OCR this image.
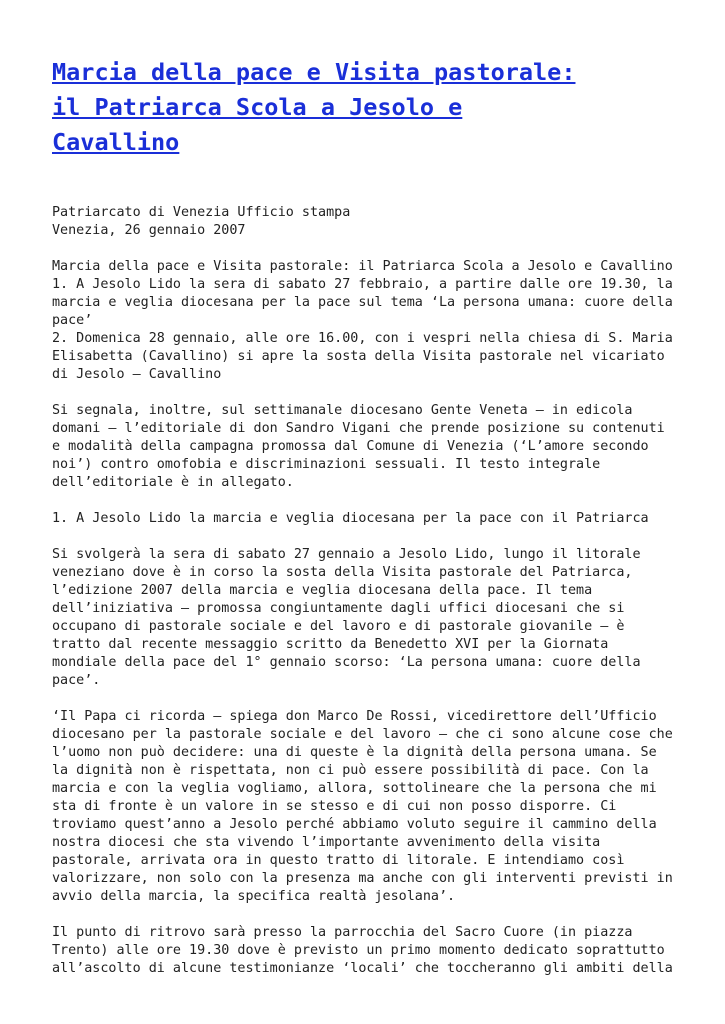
Marcia della pace e Visita pastorale:
il Patriarca Scola a Jesolo e
Cavallino

Patriarcato di Venezia Ufficio stampa
Venezia, 26 gennaio 2007

Marcia della pace e Visita pastorale: il Patriarca Scola a Jesolo e Cavallino
1. A Jesolo Lido la sera di sabato 27 febbraio, a partire dalle ore 19.30, la
marcia e veglia diocesana per la pace sul tema ‘La persona umana: cuore della
pace’
2. Domenica 28 gennaio, alle ore 16.00, con i vespri nella chiesa di S. Maria
Elisabetta (Cavallino) si apre la sosta della Visita pastorale nel vicariato
di Jesolo – Cavallino

Si segnala, inoltre, sul settimanale diocesano Gente Veneta – in edicola
domani – l’editoriale di don Sandro Vigani che prende posizione su contenuti
e modalità della campagna promossa dal Comune di Venezia (‘L’amore secondo
noi’) contro omofobia e discriminazioni sessuali. Il testo integrale
dell’editoriale è in allegato.

1. A Jesolo Lido la marcia e veglia diocesana per la pace con il Patriarca

Si svolgerà la sera di sabato 27 gennaio a Jesolo Lido, lungo il litorale
veneziano dove è in corso la sosta della Visita pastorale del Patriarca,
l’edizione 2007 della marcia e veglia diocesana della pace. Il tema
dell’iniziativa – promossa congiuntamente dagli uffici diocesani che si
occupano di pastorale sociale e del lavoro e di pastorale giovanile – è
tratto dal recente messaggio scritto da Benedetto XVI per la Giornata
mondiale della pace del 1° gennaio scorso: ‘La persona umana: cuore della
pace’.

‘Il Papa ci ricorda – spiega don Marco De Rossi, vicedirettore dell’Ufficio
diocesano per la pastorale sociale e del lavoro – che ci sono alcune cose che
l’uomo non può decidere: una di queste è la dignità della persona umana. Se
la dignità non è rispettata, non ci può essere possibilità di pace. Con la
marcia e con la veglia vogliamo, allora, sottolineare che la persona che mi
sta di fronte è un valore in se stesso e di cui non posso disporre. Ci
troviamo quest’anno a Jesolo perché abbiamo voluto seguire il cammino della
nostra diocesi che sta vivendo l’importante avvenimento della visita
pastorale, arrivata ora in questo tratto di litorale. E intendiamo così
valorizzare, non solo con la presenza ma anche con gli interventi previsti in
avvio della marcia, la specifica realtà jesolana’.

Il punto di ritrovo sarà presso la parrocchia del Sacro Cuore (in piazza
Trento) alle ore 19.30 dove è previsto un primo momento dedicato soprattutto
all’ascolto di alcune testimonianze ‘locali’ che toccheranno gli ambiti della
